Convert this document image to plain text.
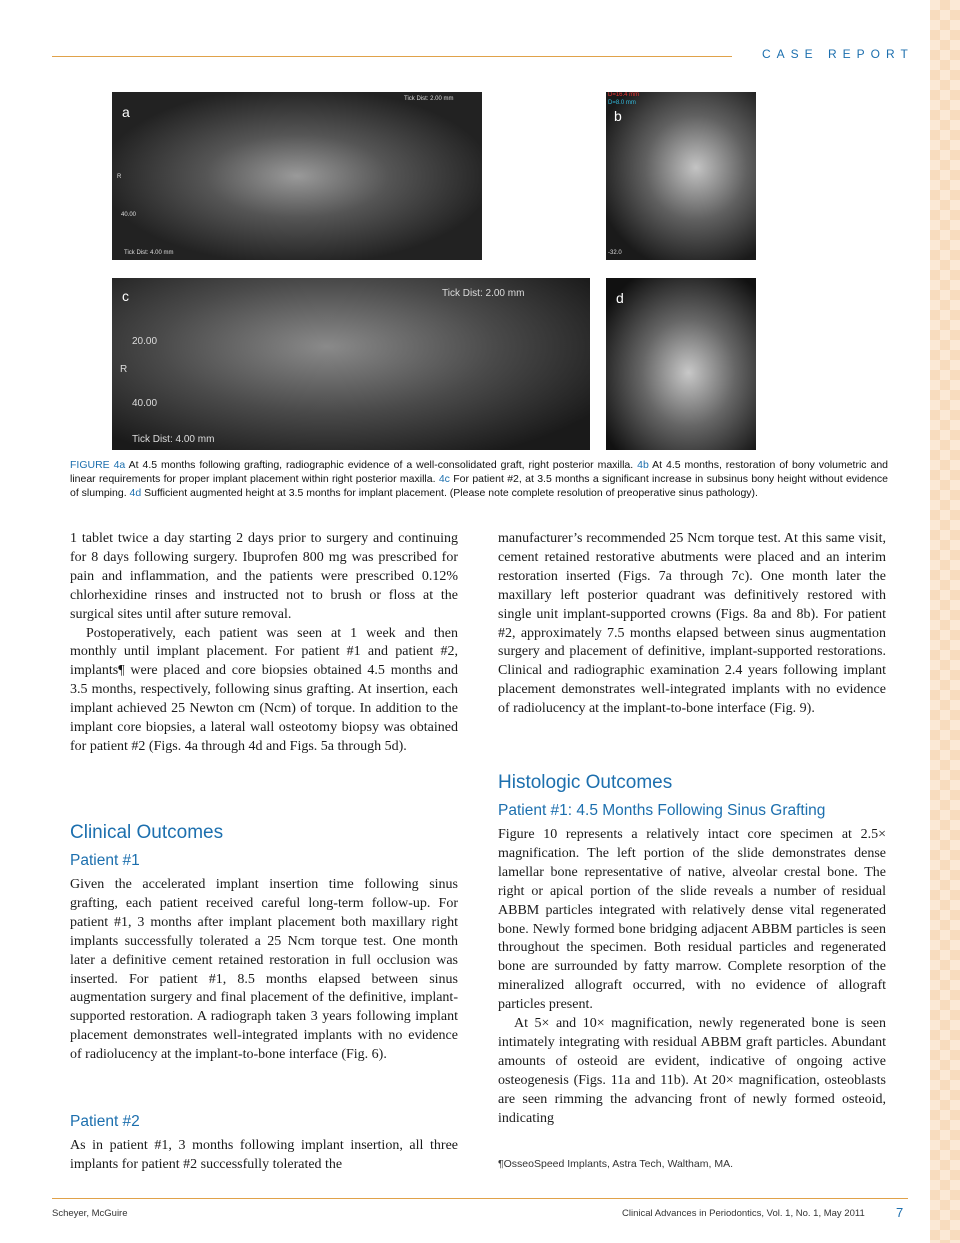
CASE REPORT
a
Tick Dist: 2.00 mm
R
40.00
Tick Dist: 4.00 mm
b
D=16.4 mm
D=8.0 mm
-32.0
c	Tick Dist: 2.00 mm
20.00
R
40.00
Tick Dist: 4.00 mm
d
FIGURE 4a At 4.5 months following grafting, radiographic evidence of a well-consolidated graft, right posterior maxilla. 4b At 4.5 months, restoration of bony volumetric and linear requirements for proper implant placement within right posterior maxilla. 4c For patient #2, at 3.5 months a significant increase in subsinus bony height without evidence of slumping. 4d Sufficient augmented height at 3.5 months for implant placement. (Please note complete resolution of preoperative sinus pathology).

1 tablet twice a day starting 2 days prior to surgery and continuing for 8 days following surgery. Ibuprofen 800 mg was prescribed for pain and inflammation, and the patients were prescribed 0.12% chlorhexidine rinses and instructed not to brush or floss at the surgical sites until after suture removal.

Postoperatively, each patient was seen at 1 week and then monthly until implant placement. For patient #1 and patient #2, implants¶ were placed and core biopsies obtained 4.5 months and 3.5 months, respectively, following sinus grafting. At insertion, each implant achieved 25 Newton cm (Ncm) of torque. In addition to the implant core biopsies, a lateral wall osteotomy biopsy was obtained for patient #2 (Figs. 4a through 4d and Figs. 5a through 5d).

Clinical Outcomes
Patient #1

Given the accelerated implant insertion time following sinus grafting, each patient received careful long-term follow-up. For patient #1, 3 months after implant placement both maxillary right implants successfully tolerated a 25 Ncm torque test. One month later a definitive cement retained restoration in full occlusion was inserted. For patient #1, 8.5 months elapsed between sinus augmentation surgery and final placement of the definitive, implant-supported restoration. A radiograph taken 3 years following implant placement demonstrates well-integrated implants with no evidence of radiolucency at the implant-to-bone interface (Fig. 6).

Patient #2

As in patient #1, 3 months following implant insertion, all three implants for patient #2 successfully tolerated the

manufacturer’s recommended 25 Ncm torque test. At this same visit, cement retained restorative abutments were placed and an interim restoration inserted (Figs. 7a through 7c). One month later the maxillary left posterior quadrant was definitively restored with single unit implant-supported crowns (Figs. 8a and 8b). For patient #2, approximately 7.5 months elapsed between sinus augmentation surgery and placement of definitive, implant-supported restorations. Clinical and radiographic examination 2.4 years following implant placement demonstrates well-integrated implants with no evidence of radiolucency at the implant-to-bone interface (Fig. 9).

Histologic Outcomes
Patient #1: 4.5 Months Following Sinus Grafting

Figure 10 represents a relatively intact core specimen at 2.5× magnification. The left portion of the slide demonstrates dense lamellar bone representative of native, alveolar crestal bone. The right or apical portion of the slide reveals a number of residual ABBM particles integrated with relatively dense vital regenerated bone. Newly formed bone bridging adjacent ABBM particles is seen throughout the specimen. Both residual particles and regenerated bone are surrounded by fatty marrow. Complete resorption of the mineralized allograft occurred, with no evidence of allograft particles present.

At 5× and 10× magnification, newly regenerated bone is seen intimately integrating with residual ABBM graft particles. Abundant amounts of osteoid are evident, indicative of ongoing active osteogenesis (Figs. 11a and 11b). At 20× magnification, osteoblasts are seen rimming the advancing front of newly formed osteoid, indicating

¶OsseoSpeed Implants, Astra Tech, Waltham, MA.
Scheyer, McGuire	Clinical Advances in Periodontics, Vol. 1, No. 1, May 2011 7
